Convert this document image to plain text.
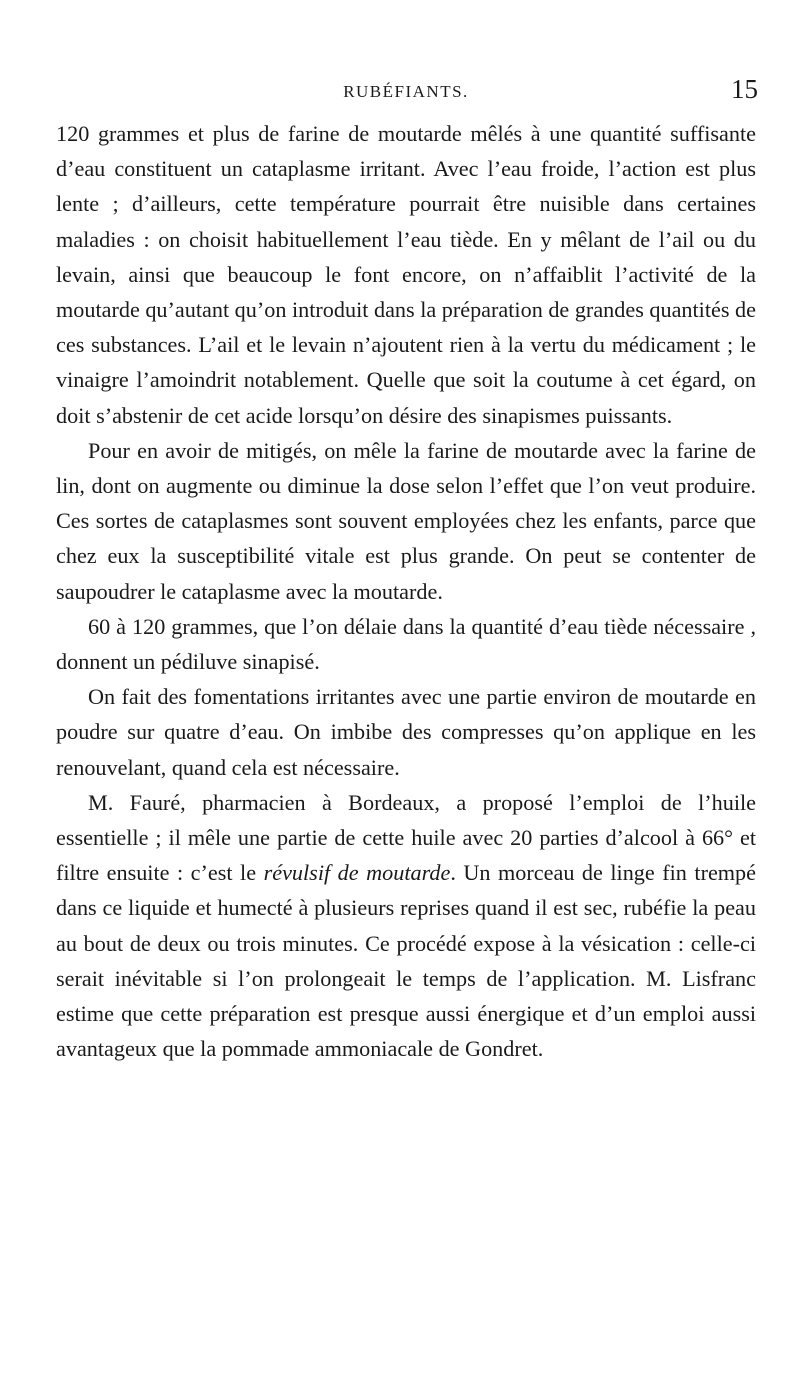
RUBÉFIANTS.	15

120 grammes et plus de farine de moutarde mêlés à une quantité suffisante d’eau constituent un cataplasme irritant. Avec l’eau froide, l’action est plus lente ; d’ailleurs, cette température pourrait être nuisible dans certaines maladies : on choisit habituellement l’eau tiède. En y mêlant de l’ail ou du levain, ainsi que beaucoup le font encore, on n’affaiblit l’activité de la moutarde qu’autant qu’on introduit dans la préparation de grandes quantités de ces substances. L’ail et le levain n’ajoutent rien à la vertu du médicament ; le vinaigre l’amoindrit notablement. Quelle que soit la coutume à cet égard, on doit s’abstenir de cet acide lorsqu’on désire des sinapismes puissants.

Pour en avoir de mitigés, on mêle la farine de moutarde avec la farine de lin, dont on augmente ou diminue la dose selon l’effet que l’on veut produire. Ces sortes de cataplasmes sont souvent employées chez les enfants, parce que chez eux la susceptibilité vitale est plus grande. On peut se contenter de saupoudrer le cataplasme avec la moutarde.

60 à 120 grammes, que l’on délaie dans la quantité d’eau tiède nécessaire , donnent un pédiluve sinapisé.

On fait des fomentations irritantes avec une partie environ de moutarde en poudre sur quatre d’eau. On imbibe des compresses qu’on applique en les renouvelant, quand cela est nécessaire.

M. Fauré, pharmacien à Bordeaux, a proposé l’emploi de l’huile essentielle ; il mêle une partie de cette huile avec 20 parties d’alcool à 66° et filtre ensuite : c’est le révulsif de moutarde. Un morceau de linge fin trempé dans ce liquide et humecté à plusieurs reprises quand il est sec, rubéfie la peau au bout de deux ou trois minutes. Ce procédé expose à la vésication : celle-ci serait inévitable si l’on prolongeait le temps de l’application. M. Lisfranc estime que cette préparation est presque aussi énergique et d’un emploi aussi avantageux que la pommade ammoniacale de Gondret.
